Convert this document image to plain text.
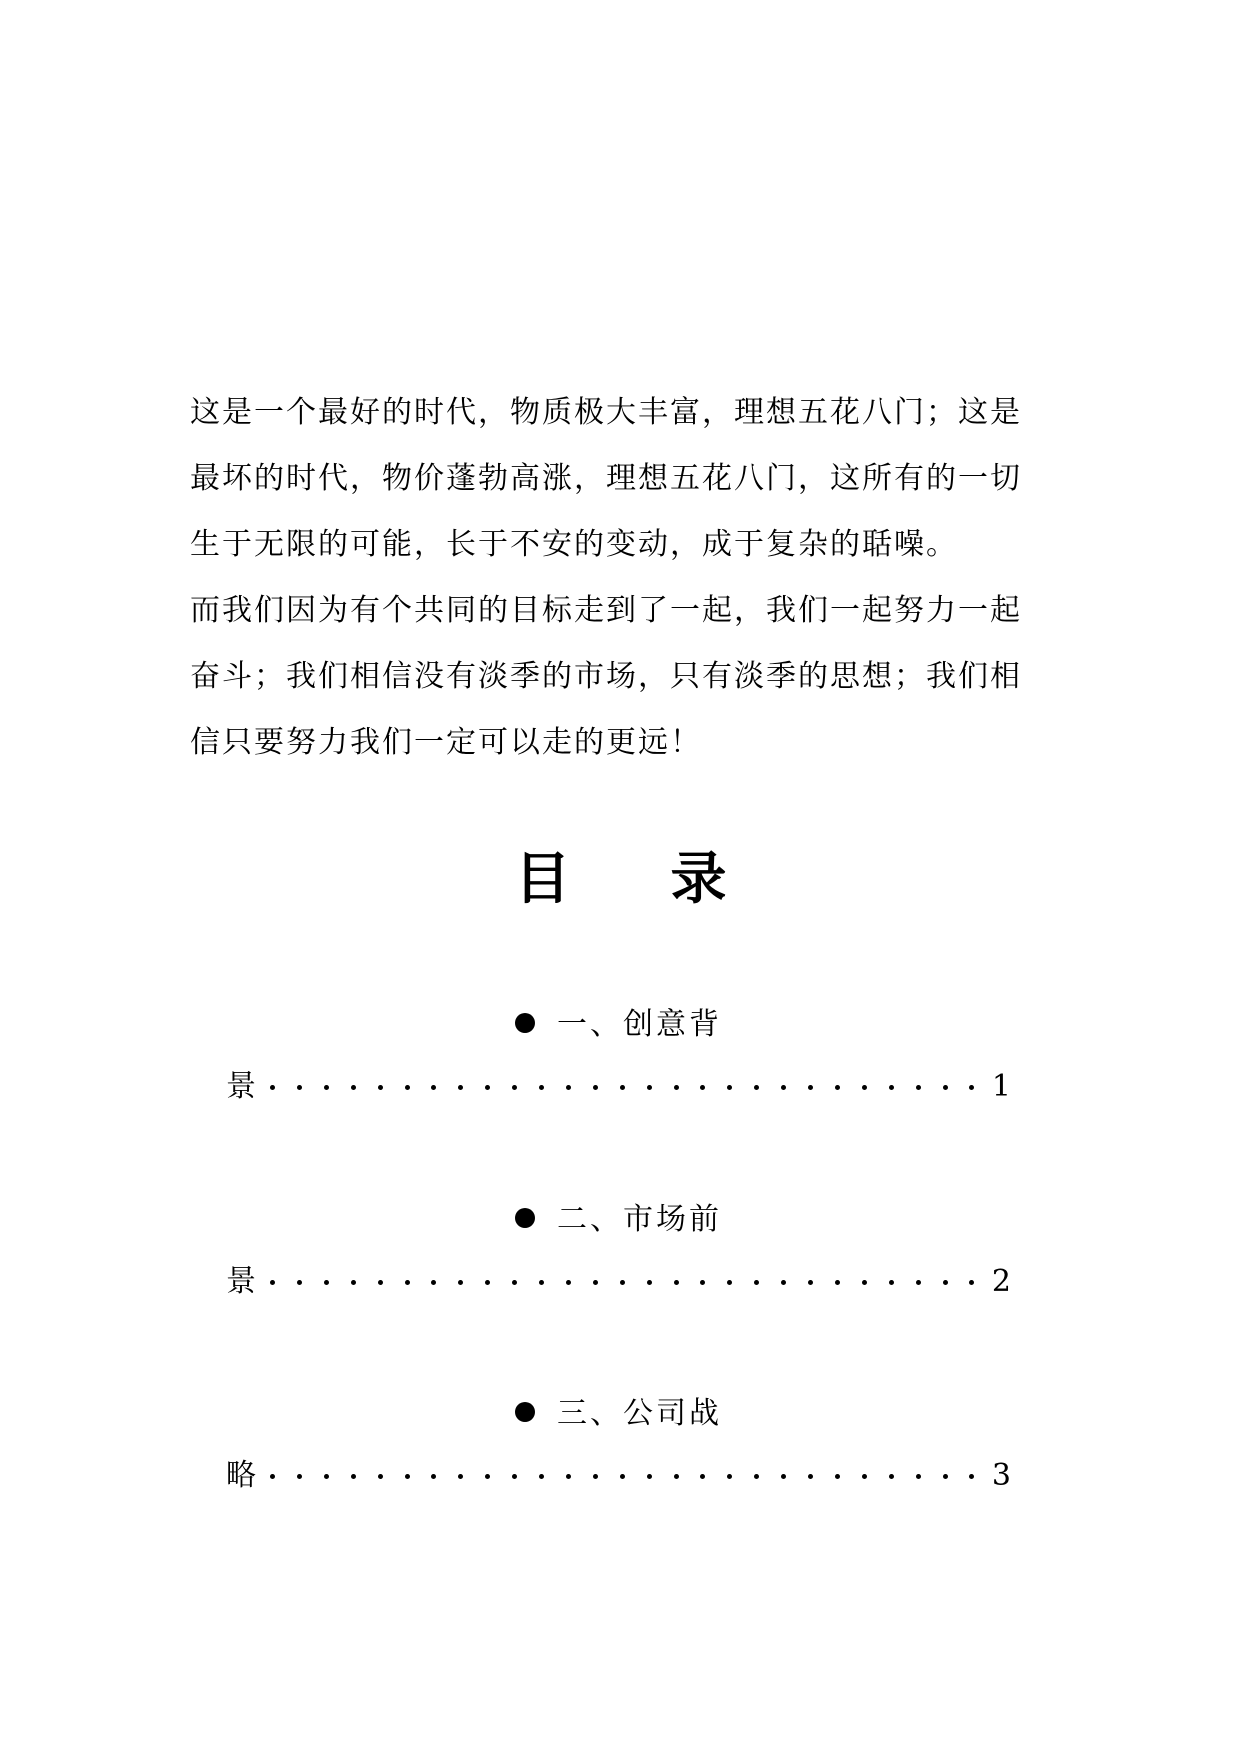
这是一个最好的时代，物质极大丰富，理想五花八门；这是
最坏的时代，物价蓬勃高涨，理想五花八门，这所有的一切
生于无限的可能，长于不安的变动，成于复杂的聒噪。
而我们因为有个共同的目标走到了一起，我们一起努力一起
奋斗；我们相信没有淡季的市场，只有淡季的思想；我们相
信只要努力我们一定可以走的更远！
目 录
一、创意背
景	1
二、市场前
景	2
三、公司战
略	3
